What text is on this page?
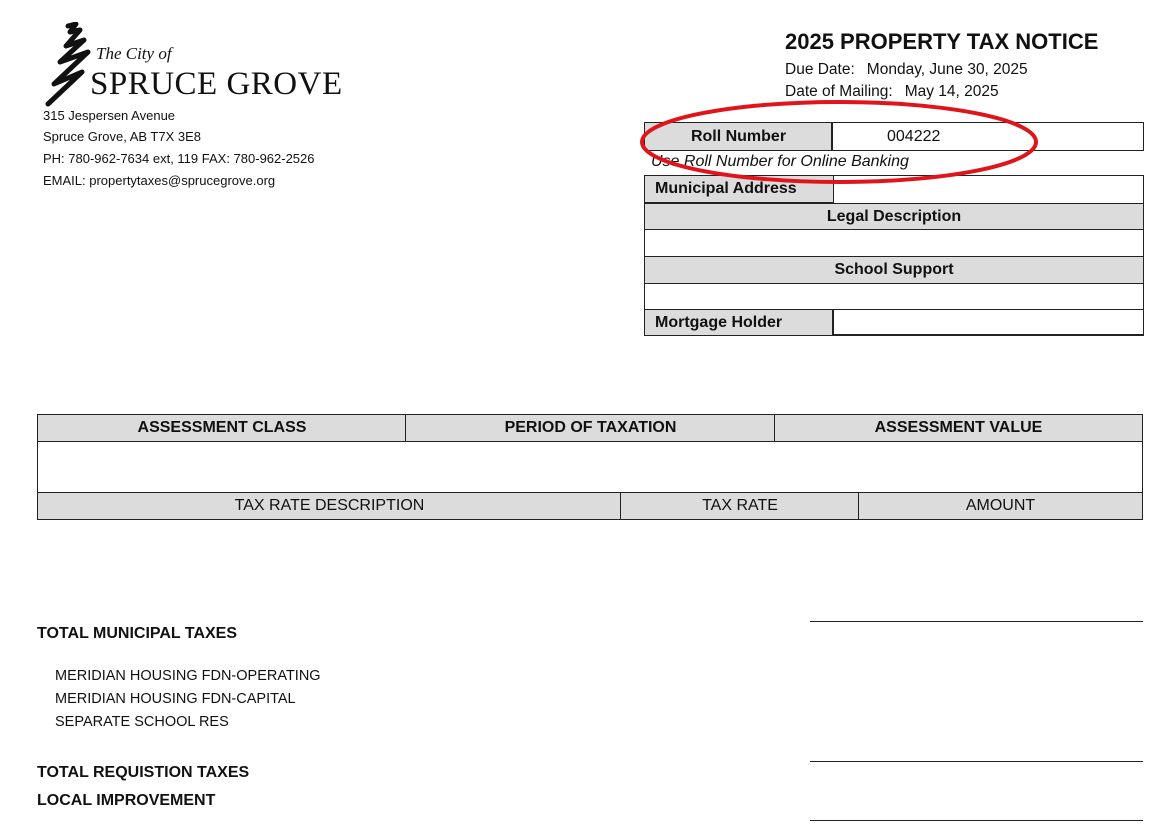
The City of
SPRUCE GROVE
315 Jespersen Avenue
Spruce Grove, AB T7X 3E8
PH: 780-962-7634 ext, 119 FAX: 780-962-2526
EMAIL: propertytaxes@sprucegrove.org
2025 PROPERTY TAX NOTICE
Due Date: Monday, June 30, 2025
Date of Mailing: May 14, 2025
Roll Number	004222
Use Roll Number for Online Banking
Municipal Address
Legal Description
School Support
Mortgage Holder
ASSESSMENT CLASS	PERIOD OF TAXATION	ASSESSMENT VALUE
TAX RATE DESCRIPTION	TAX RATE	AMOUNT
TOTAL MUNICIPAL TAXES
MERIDIAN HOUSING FDN-OPERATING
MERIDIAN HOUSING FDN-CAPITAL
SEPARATE SCHOOL RES
TOTAL REQUISTION TAXES
LOCAL IMPROVEMENT
